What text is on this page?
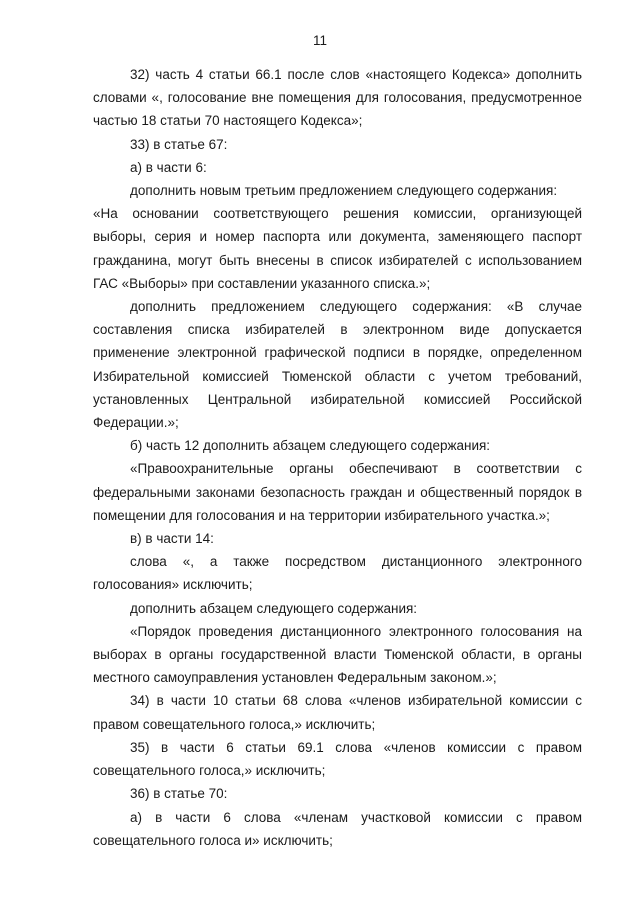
11

32) часть 4 статьи 66.1 после слов «настоящего Кодекса» дополнить словами «, голосование вне помещения для голосования, предусмотренное частью 18 статьи 70 настоящего Кодекса»;

33) в статье 67:

а) в части 6:

дополнить новым третьим предложением следующего содержания:

«На основании соответствующего решения комиссии, организующей выборы, серия и номер паспорта или документа, заменяющего паспорт гражданина, могут быть внесены в список избирателей с использованием ГАС «Выборы» при составлении указанного списка.»;

дополнить предложением следующего содержания: «В случае составления списка избирателей в электронном виде допускается применение электронной графической подписи в порядке, определенном Избирательной комиссией Тюменской области с учетом требований, установленных Центральной избирательной комиссией Российской Федерации.»;

б) часть 12 дополнить абзацем следующего содержания:

«Правоохранительные органы обеспечивают в соответствии с федеральными законами безопасность граждан и общественный порядок в помещении для голосования и на территории избирательного участка.»;

в) в части 14:

слова «, а также посредством дистанционного электронного голосования» исключить;

дополнить абзацем следующего содержания:

«Порядок проведения дистанционного электронного голосования на выборах в органы государственной власти Тюменской области, в органы местного самоуправления установлен Федеральным законом.»;

34) в части 10 статьи 68 слова «членов избирательной комиссии с правом совещательного голоса,» исключить;

35) в части 6 статьи 69.1 слова «членов комиссии с правом совещательного голоса,» исключить;

36) в статье 70:

а) в части 6 слова «членам участковой комиссии с правом совещательного голоса и» исключить;
